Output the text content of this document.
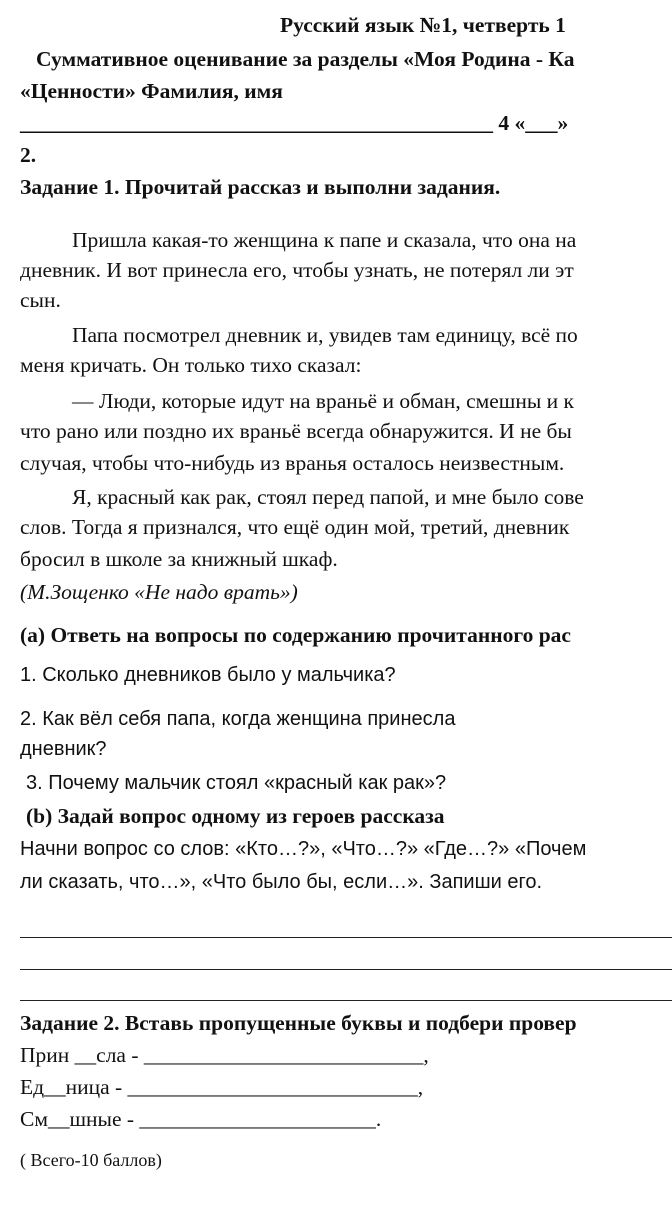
Русский язык №1, четверть 1
Суммативное оценивание за разделы «Моя Родина - Ка
«Ценности» Фамилия, имя
____________________________________________ 4 «___»
2.
Задание 1. Прочитай рассказ и выполни задания.
Пришла какая-то женщина к папе и сказала, что она на
дневник. И вот принесла его, чтобы узнать, не потерял ли эт
сын.
Папа посмотрел дневник и, увидев там единицу, всё по
меня кричать. Он только тихо сказал:
— Люди, которые идут на враньё и обман, смешны и к
что рано или поздно их враньё всегда обнаружится. И не бы
случая, чтобы что-нибудь из вранья осталось неизвестным.
Я, красный как рак, стоял перед папой, и мне было сове
слов. Тогда я признался, что ещё один мой, третий, дневник
бросил в школе за книжный шкаф.
(М.Зощенко «Не надо врать»)
(a) Ответь на вопросы по содержанию прочитанного рас
1. Сколько дневников было у мальчика?
2. Как вёл себя папа, когда женщина принесла
дневник?
3. Почему мальчик стоял «красный как рак»?
(b) Задай вопрос одному из героев рассказа
Начни вопрос со слов: «Кто…?», «Что…?» «Где…?» «Почем
ли сказать, что…», «Что было бы, если…». Запиши его.
Задание 2. Вставь пропущенные буквы и подбери провер
Прин __сла - __________________________,
Ед__ница - ___________________________,
См__шные - ______________________.
( Всего-10 баллов)
